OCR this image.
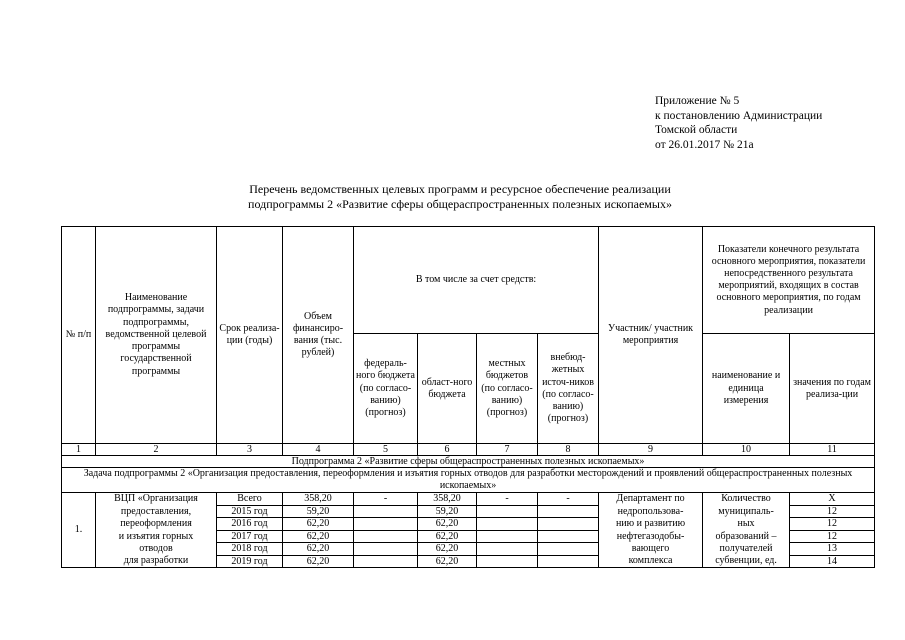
Приложение № 5
к постановлению Администрации
Томской области
от 26.01.2017 № 21а
Перечень ведомственных целевых программ и ресурсное обеспечение реализации
подпрограммы 2 «Развитие сферы общераспространенных полезных ископаемых»
№ п/п	Наименование подпрограммы, задачи подпрограммы, ведомственной целевой программы государственной программы	Срок реализа-ции (годы)	Объем финансиро-вания (тыс. рублей)	В том числе за счет средств:				Участник/ участник мероприятия	Показатели конечного результата основного мероприятия, показатели непосредственного результата мероприятий, входящих в состав основного мероприятия, по годам реализации	
				федераль-ного бюджета (по согласо-ванию) (прогноз)	област-ного бюджета	местных бюджетов (по согласо-ванию) (прогноз)	внебюд-жетных источ-ников (по согласо-ванию) (прогноз)		наименование и единица измерения	значения по годам реализа-ции
1	2	3	4	5	6	7	8	9	10	11
Подпрограмма 2 «Развитие сферы общераспространенных полезных ископаемых»										
Задача подпрограммы 2 «Организация предоставления, переоформления и изъятия горных отводов для разработки месторождений и проявлений общераспространенных полезных ископаемых»										
1.	ВЦП «Организация	Всего	358,20	-	358,20	-	-	Департамент по	Количество	Х
	предоставления,	2015 год	59,20		59,20			недропользова-	муниципаль-	12
	переоформления	2016 год	62,20		62,20			нию и развитию	ных	12
	и изъятия горных	2017 год	62,20		62,20			нефтегазодобы-	образований –	12
	отводов	2018 год	62,20		62,20			вающего	получателей	13
	для разработки	2019 год	62,20		62,20			комплекса	субвенции, ед.	14
